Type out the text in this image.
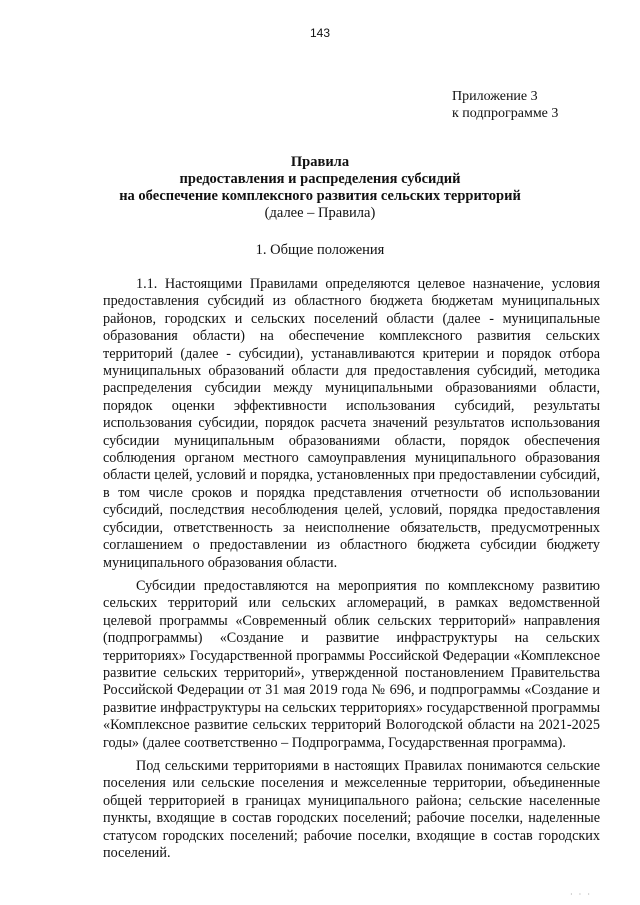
143
Приложение 3
к подпрограмме 3
Правила
предоставления и распределения субсидий
на обеспечение комплексного развития сельских территорий
(далее – Правила)
1. Общие положения

1.1. Настоящими Правилами определяются целевое назначение, условия предоставления субсидий из областного бюджета бюджетам муниципальных районов, городских и сельских поселений области (далее - муниципальные образования области) на обеспечение комплексного развития сельских территорий (далее - субсидии), устанавливаются критерии и порядок отбора муниципальных образований области для предоставления субсидий, методика распределения субсидии между муниципальными образованиями области, порядок оценки эффективности использования субсидий, результаты использования субсидии, порядок расчета значений результатов использования субсидии муниципальным образованиями области, порядок обеспечения соблюдения органом местного самоуправления муниципального образования области целей, условий и порядка, установленных при предоставлении субсидий, в том числе сроков и порядка представления отчетности об использовании субсидий, последствия несоблюдения целей, условий, порядка предоставления субсидии, ответственность за неисполнение обязательств, предусмотренных соглашением о предоставлении из областного бюджета субсидии бюджету муниципального образования области.

Субсидии предоставляются на мероприятия по комплексному развитию сельских территорий или сельских агломераций, в рамках ведомственной целевой программы «Современный облик сельских территорий» направления (подпрограммы) «Создание и развитие инфраструктуры на сельских территориях» Государственной программы Российской Федерации «Комплексное развитие сельских территорий», утвержденной постановлением Правительства Российской Федерации от 31 мая 2019 года № 696, и подпрограммы «Создание и развитие инфраструктуры на сельских территориях» государственной программы «Комплексное развитие сельских территорий Вологодской области на 2021-2025 годы» (далее соответственно – Подпрограмма, Государственная программа).

Под сельскими территориями в настоящих Правилах понимаются сельские поселения или сельские поселения и межселенные территории, объединенные общей территорией в границах муниципального района; сельские населенные пункты, входящие в состав городских поселений; рабочие поселки, наделенные статусом городских поселений; рабочие поселки, входящие в состав городских поселений.

· · ·
